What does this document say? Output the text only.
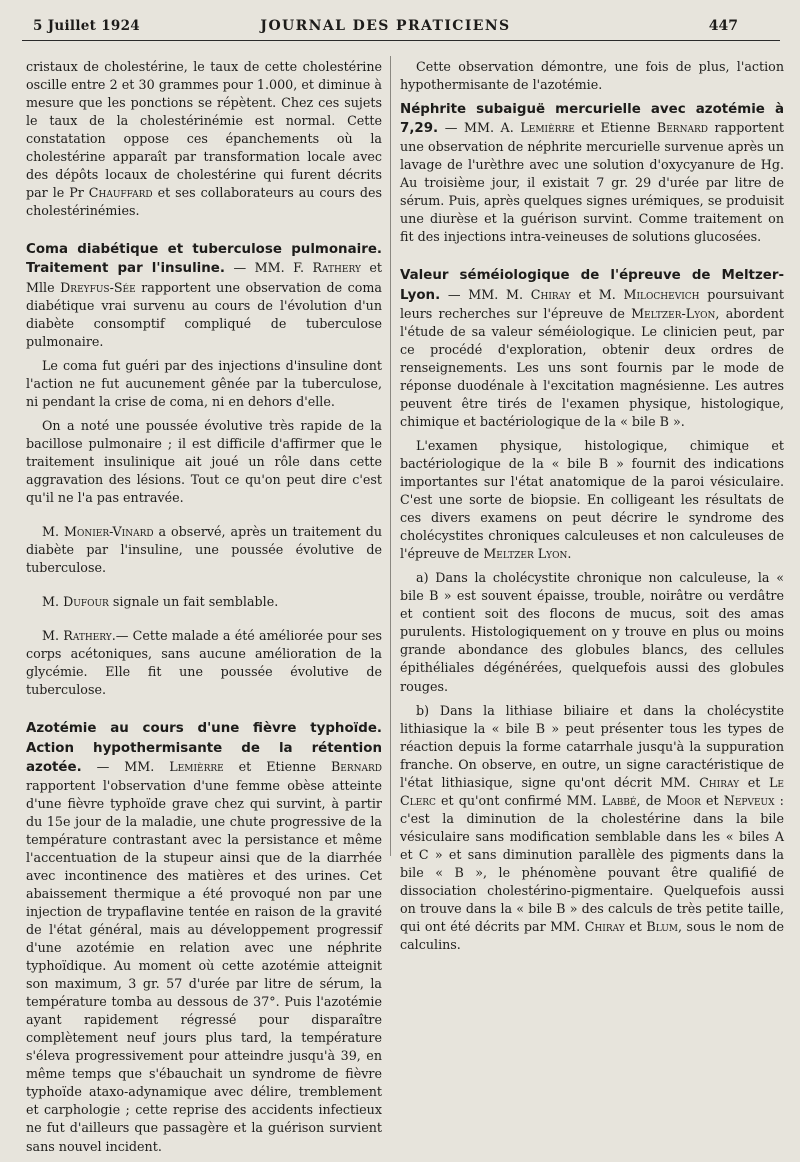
5 Juillet 1924	JOURNAL DES PRATICIENS	447

cristaux de cholestérine, le taux de cette cholestérine oscille entre 2 et 30 grammes pour 1.000, et diminue à mesure que les ponctions se répètent. Chez ces sujets le taux de la cholestérinémie est normal. Cette constatation oppose ces épanchements où la cholestérine apparaît par transformation locale avec des dépôts locaux de cholestérine qui furent décrits par le Pr Chauffard et ses collaborateurs au cours des cholestérinémies.

Coma diabétique et tuberculose pulmonaire. Traitement par l'insuline. — MM. F. Rathery et Mlle Dreyfus-Sée rapportent une observation de coma diabétique vrai survenu au cours de l'évolution d'un diabète consomptif compliqué de tuberculose pulmonaire.

Le coma fut guéri par des injections d'insuline dont l'action ne fut aucunement gênée par la tuberculose, ni pendant la crise de coma, ni en dehors d'elle.

On a noté une poussée évolutive très rapide de la bacillose pulmonaire ; il est difficile d'affirmer que le traitement insulinique ait joué un rôle dans cette aggravation des lésions. Tout ce qu'on peut dire c'est qu'il ne l'a pas entravée.

M. Monier-Vinard a observé, après un traitement du diabète par l'insuline, une poussée évolutive de tuberculose.

M. Dufour signale un fait semblable.

M. Rathery.— Cette malade a été améliorée pour ses corps acétoniques, sans aucune amélioration de la glycémie. Elle fit une poussée évolutive de tuberculose.

Azotémie au cours d'une fièvre typhoïde. Action hypothermisante de la rétention azotée. — MM. Lemièrre et Etienne Bernard rapportent l'observation d'une femme obèse atteinte d'une fièvre typhoïde grave chez qui survint, à partir du 15e jour de la maladie, une chute progressive de la température contrastant avec la persistance et même l'accentuation de la stupeur ainsi que de la diarrhée avec incontinence des matières et des urines. Cet abaissement thermique a été provoqué non par une injection de trypaflavine tentée en raison de la gravité de l'état général, mais au développement progressif d'une azotémie en relation avec une néphrite typhoïdique. Au moment où cette azotémie atteignit son maximum, 3 gr. 57 d'urée par litre de sérum, la température tomba au dessous de 37°. Puis l'azotémie ayant rapidement régressé pour disparaître complètement neuf jours plus tard, la température s'éleva progressivement pour atteindre jusqu'à 39, en même temps que s'ébauchait un syndrome de fièvre typhoïde ataxo-adynamique avec délire, tremblement et carphologie ; cette reprise des accidents infectieux ne fut d'ailleurs que passagère et la guérison survient sans nouvel incident.

Cette observation démontre, une fois de plus, l'action hypothermisante de l'azotémie.

Néphrite subaiguë mercurielle avec azotémie à 7,29. — MM. A. Lemièrre et Etienne Bernard rapportent une observation de néphrite mercurielle survenue après un lavage de l'urèthre avec une solution d'oxycyanure de Hg. Au troisième jour, il existait 7 gr. 29 d'urée par litre de sérum. Puis, après quelques signes urémiques, se produisit une diurèse et la guérison survint. Comme traitement on fit des injections intra-veineuses de solutions glucosées.

Valeur séméiologique de l'épreuve de Meltzer-Lyon. — MM. M. Chiray et M. Milochevich poursuivant leurs recherches sur l'épreuve de Meltzer-Lyon, abordent l'étude de sa valeur séméiologique. Le clinicien peut, par ce procédé d'exploration, obtenir deux ordres de renseignements. Les uns sont fournis par le mode de réponse duodénale à l'excitation magnésienne. Les autres peuvent être tirés de l'examen physique, histologique, chimique et bactériologique de la « bile B ».

L'examen physique, histologique, chimique et bactériologique de la « bile B » fournit des indications importantes sur l'état anatomique de la paroi vésiculaire. C'est une sorte de biopsie. En colligeant les résultats de ces divers examens on peut décrire le syndrome des cholécystites chroniques calculeuses et non calculeuses de l'épreuve de Meltzer Lyon.

a) Dans la cholécystite chronique non calculeuse, la « bile B » est souvent épaisse, trouble, noirâtre ou verdâtre et contient soit des flocons de mucus, soit des amas purulents. Histologiquement on y trouve en plus ou moins grande abondance des globules blancs, des cellules épithéliales dégénérées, quelquefois aussi des globules rouges.

b) Dans la lithiase biliaire et dans la cholécystite lithiasique la « bile B » peut présenter tous les types de réaction depuis la forme catarrhale jusqu'à la suppuration franche. On observe, en outre, un signe caractéristique de l'état lithiasique, signe qu'ont décrit MM. Chiray et Le Clerc et qu'ont confirmé MM. Labbé, de Moor et Nepveux : c'est la diminution de la cholestérine dans la bile vésiculaire sans modification semblable dans les « biles A et C » et sans diminution parallèle des pigments dans la bile « B », le phénomène pouvant être qualifié de dissociation cholestérino-pigmentaire. Quelquefois aussi on trouve dans la « bile B » des calculs de très petite taille, qui ont été décrits par MM. Chiray et Blum, sous le nom de calculins.
